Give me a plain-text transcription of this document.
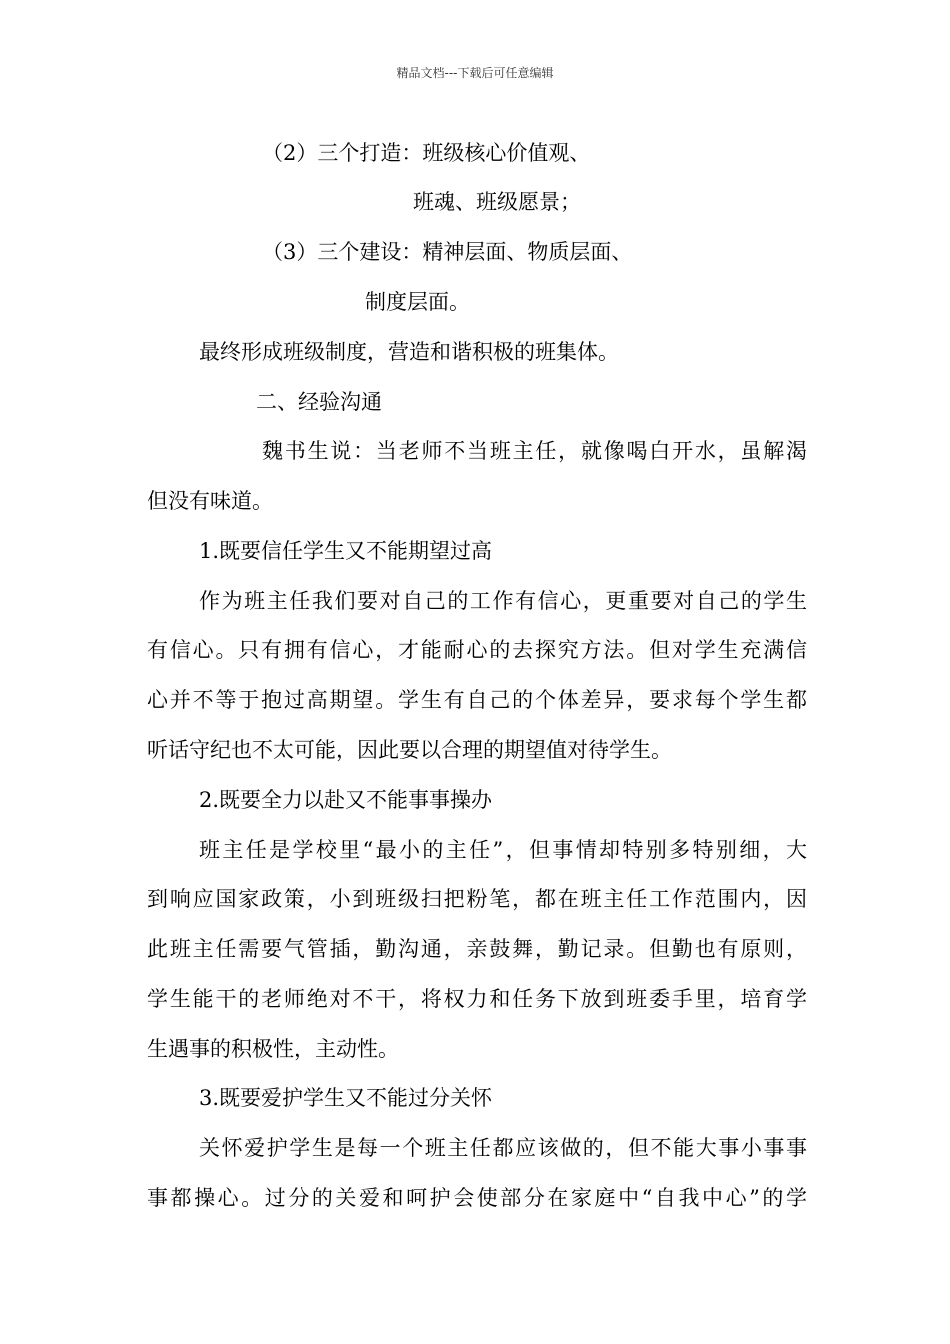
精品文档---下载后可任意编辑
（2）三个打造：班级核心价值观、
班魂、班级愿景；
（3）三个建设：精神层面、物质层面、
制度层面。
最终形成班级制度，营造和谐积极的班集体。
二、经验沟通
魏书生说：当老师不当班主任，就像喝白开水，虽解渴
但没有味道。
1.既要信任学生又不能期望过高
作为班主任我们要对自己的工作有信心，更重要对自己的学生
有信心。只有拥有信心，才能耐心的去探究方法。但对学生充满信
心并不等于抱过高期望。学生有自己的个体差异，要求每个学生都
听话守纪也不太可能，因此要以合理的期望值对待学生。
2.既要全力以赴又不能事事操办
班主任是学校里“最小的主任”，但事情却特别多特别细，大
到响应国家政策，小到班级扫把粉笔，都在班主任工作范围内，因
此班主任需要气管插，勤沟通，亲鼓舞，勤记录。但勤也有原则，
学生能干的老师绝对不干，将权力和任务下放到班委手里，培育学
生遇事的积极性，主动性。
3.既要爱护学生又不能过分关怀
关怀爱护学生是每一个班主任都应该做的，但不能大事小事事
事都操心。过分的关爱和呵护会使部分在家庭中“自我中心”的学
